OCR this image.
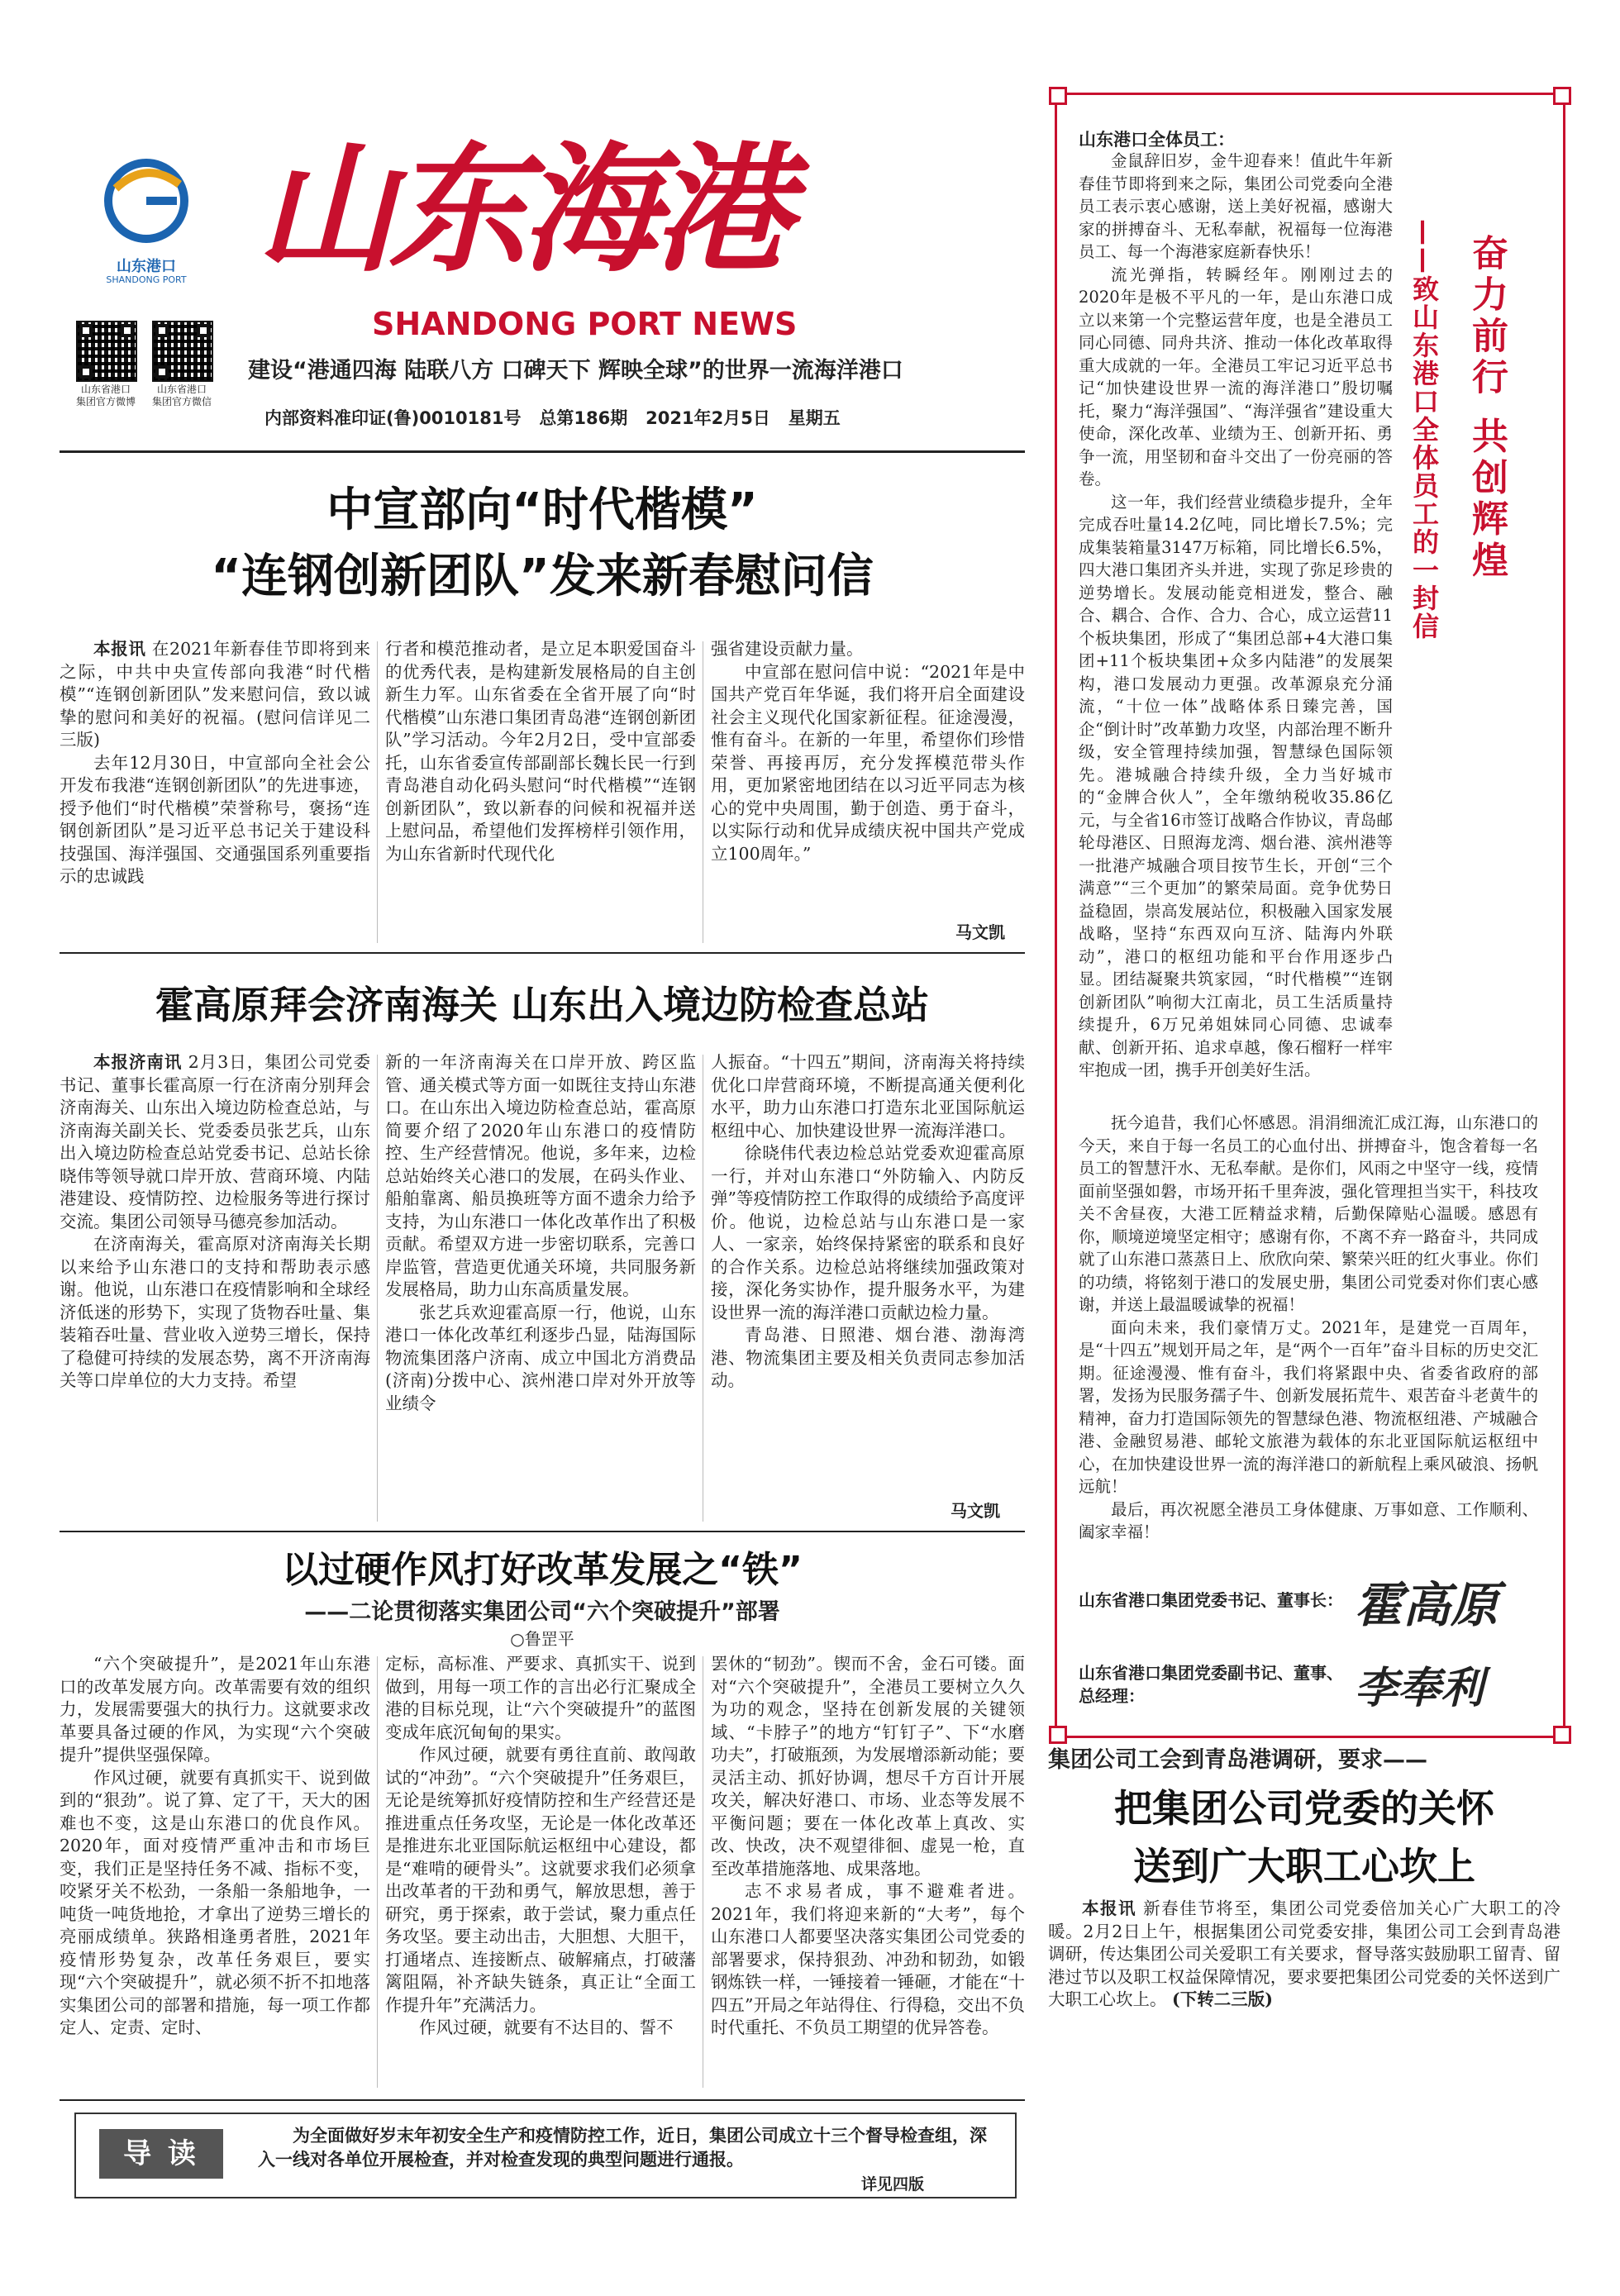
山东港口
SHANDONG PORT 山东海港
SHANDONG PORT NEWS
山东省港口
集团官方微博
山东省港口
集团官方微信
建设“港通四海 陆联八方 口碑天下 辉映全球”的世界一流海洋港口
内部资料准印证(鲁)0010181号   总第186期   2021年2月5日   星期五
中宣部向“时代楷模”
“连钢创新团队”发来新春慰问信

本报讯 在2021年新春佳节即将到来之际，中共中央宣传部向我港“时代楷模”“连钢创新团队”发来慰问信，致以诚挚的慰问和美好的祝福。(慰问信详见二三版)

去年12月30日，中宣部向全社会公开发布我港“连钢创新团队”的先进事迹，授予他们“时代楷模”荣誉称号，褒扬“连钢创新团队”是习近平总书记关于建设科技强国、海洋强国、交通强国系列重要指示的忠诚践

行者和模范推动者，是立足本职爱国奋斗的优秀代表，是构建新发展格局的自主创新生力军。山东省委在全省开展了向“时代楷模”山东港口集团青岛港“连钢创新团队”学习活动。今年2月2日，受中宣部委托，山东省委宣传部副部长魏长民一行到青岛港自动化码头慰问“时代楷模”“连钢创新团队”，致以新春的问候和祝福并送上慰问品，希望他们发挥榜样引领作用，为山东省新时代现代化

强省建设贡献力量。

中宣部在慰问信中说：“2021年是中国共产党百年华诞，我们将开启全面建设社会主义现代化国家新征程。征途漫漫，惟有奋斗。在新的一年里，希望你们珍惜荣誉、再接再厉，充分发挥模范带头作用，更加紧密地团结在以习近平同志为核心的党中央周围，勤于创造、勇于奋斗，以实际行动和优异成绩庆祝中国共产党成立100周年。”

马文凯
霍高原拜会济南海关 山东出入境边防检查总站

本报济南讯 2月3日，集团公司党委书记、董事长霍高原一行在济南分别拜会济南海关、山东出入境边防检查总站，与济南海关副关长、党委委员张艺兵，山东出入境边防检查总站党委书记、总站长徐晓伟等领导就口岸开放、营商环境、内陆港建设、疫情防控、边检服务等进行探讨交流。集团公司领导马德亮参加活动。

在济南海关，霍高原对济南海关长期以来给予山东港口的支持和帮助表示感谢。他说，山东港口在疫情影响和全球经济低迷的形势下，实现了货物吞吐量、集装箱吞吐量、营业收入逆势三增长，保持了稳健可持续的发展态势，离不开济南海关等口岸单位的大力支持。希望

新的一年济南海关在口岸开放、跨区监管、通关模式等方面一如既往支持山东港口。在山东出入境边防检查总站，霍高原简要介绍了2020年山东港口的疫情防控、生产经营情况。他说，多年来，边检总站始终关心港口的发展，在码头作业、船舶靠离、船员换班等方面不遗余力给予支持，为山东港口一体化改革作出了积极贡献。希望双方进一步密切联系，完善口岸监管，营造更优通关环境，共同服务新发展格局，助力山东高质量发展。

张艺兵欢迎霍高原一行，他说，山东港口一体化改革红利逐步凸显，陆海国际物流集团落户济南、成立中国北方消费品(济南)分拨中心、滨州港口岸对外开放等业绩令

人振奋。“十四五”期间，济南海关将持续优化口岸营商环境，不断提高通关便利化水平，助力山东港口打造东北亚国际航运枢纽中心、加快建设世界一流海洋港口。

徐晓伟代表边检总站党委欢迎霍高原一行，并对山东港口“外防输入、内防反弹”等疫情防控工作取得的成绩给予高度评价。他说，边检总站与山东港口是一家人、一家亲，始终保持紧密的联系和良好的合作关系。边检总站将继续加强政策对接，深化务实协作，提升服务水平，为建设世界一流的海洋港口贡献边检力量。

青岛港、日照港、烟台港、渤海湾港、物流集团主要及相关负责同志参加活动。

马文凯
以过硬作风打好改革发展之“铁”
——二论贯彻落实集团公司“六个突破提升”部署
○鲁罡平

“六个突破提升”，是2021年山东港口的改革发展方向。改革需要有效的组织力，发展需要强大的执行力。这就要求改革要具备过硬的作风，为实现“六个突破提升”提供坚强保障。

作风过硬，就要有真抓实干、说到做到的“狠劲”。说了算、定了干，天大的困难也不变，这是山东港口的优良作风。2020年，面对疫情严重冲击和市场巨变，我们正是坚持任务不减、指标不变，咬紧牙关不松劲，一条船一条船地争，一吨货一吨货地抢，才拿出了逆势三增长的亮丽成绩单。狭路相逢勇者胜，2021年疫情形势复杂，改革任务艰巨，要实现“六个突破提升”，就必须不折不扣地落实集团公司的部署和措施，每一项工作都定人、定责、定时、

定标，高标准、严要求、真抓实干、说到做到，用每一项工作的言出必行汇聚成全港的目标兑现，让“六个突破提升”的蓝图变成年底沉甸甸的果实。

作风过硬，就要有勇往直前、敢闯敢试的“冲劲”。“六个突破提升”任务艰巨，无论是统筹抓好疫情防控和生产经营还是推进重点任务攻坚，无论是一体化改革还是推进东北亚国际航运枢纽中心建设，都是“难啃的硬骨头”。这就要求我们必须拿出改革者的干劲和勇气，解放思想，善于研究，勇于探索，敢于尝试，聚力重点任务攻坚。要主动出击，大胆想、大胆干，打通堵点、连接断点、破解痛点，打破藩篱阻隔，补齐缺失链条，真正让“全面工作提升年”充满活力。

作风过硬，就要有不达目的、誓不

罢休的“韧劲”。锲而不舍，金石可镂。面对“六个突破提升”，全港员工要树立久久为功的观念，坚持在创新发展的关键领域、“卡脖子”的地方“钉钉子”、下“水磨功夫”，打破瓶颈，为发展增添新动能；要灵活主动、抓好协调，想尽千方百计开展攻关，解决好港口、市场、业态等发展不平衡问题；要在一体化改革上真改、实改、快改，决不观望徘徊、虚晃一枪，直至改革措施落地、成果落地。

志不求易者成，事不避难者进。2021年，我们将迎来新的“大考”，每个山东港口人都要坚决落实集团公司党委的部署要求，保持狠劲、冲劲和韧劲，如锻钢炼铁一样，一锤接着一锤砸，才能在“十四五”开局之年站得住、行得稳，交出不负时代重托、不负员工期望的优异答卷。

导 读
为全面做好岁末年初安全生产和疫情防控工作，近日，集团公司成立十三个督导检查组，深入一线对各单位开展检查，并对检查发现的典型问题进行通报。
详见四版
山东港口全体员工：
奋力前行 共创辉煌
——致山东港口全体员工的一封信

金鼠辞旧岁，金牛迎春来！值此牛年新春佳节即将到来之际，集团公司党委向全港员工表示衷心感谢，送上美好祝福，感谢大家的拼搏奋斗、无私奉献，祝福每一位海港员工、每一个海港家庭新春快乐！

流光弹指，转瞬经年。刚刚过去的2020年是极不平凡的一年，是山东港口成立以来第一个完整运营年度，也是全港员工同心同德、同舟共济、推动一体化改革取得重大成就的一年。全港员工牢记习近平总书记“加快建设世界一流的海洋港口”殷切嘱托，聚力“海洋强国”、“海洋强省”建设重大使命，深化改革、业绩为王、创新开拓、勇争一流，用坚韧和奋斗交出了一份亮丽的答卷。

这一年，我们经营业绩稳步提升，全年完成吞吐量14.2亿吨，同比增长7.5%；完成集装箱量3147万标箱，同比增长6.5%，四大港口集团齐头并进，实现了弥足珍贵的逆势增长。发展动能竞相迸发，整合、融合、耦合、合作、合力、合心，成立运营11个板块集团，形成了“集团总部+4大港口集团+11个板块集团+众多内陆港”的发展架构，港口发展动力更强。改革源泉充分涌流，“十位一体”战略体系日臻完善，国企“倒计时”改革勤力攻坚，内部治理不断升级，安全管理持续加强，智慧绿色国际领先。港城融合持续升级，全力当好城市的“金牌合伙人”，全年缴纳税收35.86亿元，与全省16市签订战略合作协议，青岛邮轮母港区、日照海龙湾、烟台港、滨州港等一批港产城融合项目按节生长，开创“三个满意”“三个更加”的繁荣局面。竞争优势日益稳固，崇高发展站位，积极融入国家发展战略，坚持“东西双向互济、陆海内外联动”，港口的枢纽功能和平台作用逐步凸显。团结凝聚共筑家园，“时代楷模”“连钢创新团队”响彻大江南北，员工生活质量持续提升，6万兄弟姐妹同心同德、忠诚奉献、创新开拓、追求卓越，像石榴籽一样牢牢抱成一团，携手开创美好生活。

抚今追昔，我们心怀感恩。涓涓细流汇成江海，山东港口的今天，来自于每一名员工的心血付出、拼搏奋斗，饱含着每一名员工的智慧汗水、无私奉献。是你们，风雨之中坚守一线，疫情面前坚强如磐，市场开拓千里奔波，强化管理担当实干，科技攻关不舍昼夜，大港工匠精益求精，后勤保障贴心温暖。感恩有你，顺境逆境坚定相守；感谢有你，不离不弃一路奋斗，共同成就了山东港口蒸蒸日上、欣欣向荣、繁荣兴旺的红火事业。你们的功绩，将铭刻于港口的发展史册，集团公司党委对你们衷心感谢，并送上最温暖诚挚的祝福！

面向未来，我们豪情万丈。2021年，是建党一百周年，是“十四五”规划开局之年，是“两个一百年”奋斗目标的历史交汇期。征途漫漫、惟有奋斗，我们将紧跟中央、省委省政府的部署，发扬为民服务孺子牛、创新发展拓荒牛、艰苦奋斗老黄牛的精神，奋力打造国际领先的智慧绿色港、物流枢纽港、产城融合港、金融贸易港、邮轮文旅港为载体的东北亚国际航运枢纽中心，在加快建设世界一流的海洋港口的新航程上乘风破浪、扬帆远航！

最后，再次祝愿全港员工身体健康、万事如意、工作顺利、阖家幸福！

山东省港口集团党委书记、董事长： 霍高原
山东省港口集团党委副书记、董事、总经理：	李奉利
集团公司工会到青岛港调研，要求——
把集团公司党委的关怀
送到广大职工心坎上

本报讯 新春佳节将至，集团公司党委倍加关心广大职工的冷暖。2月2日上午，根据集团公司党委安排，集团公司工会到青岛港调研，传达集团公司关爱职工有关要求，督导落实鼓励职工留青、留港过节以及职工权益保障情况，要求要把集团公司党委的关怀送到广大职工心坎上。 (下转二三版)
